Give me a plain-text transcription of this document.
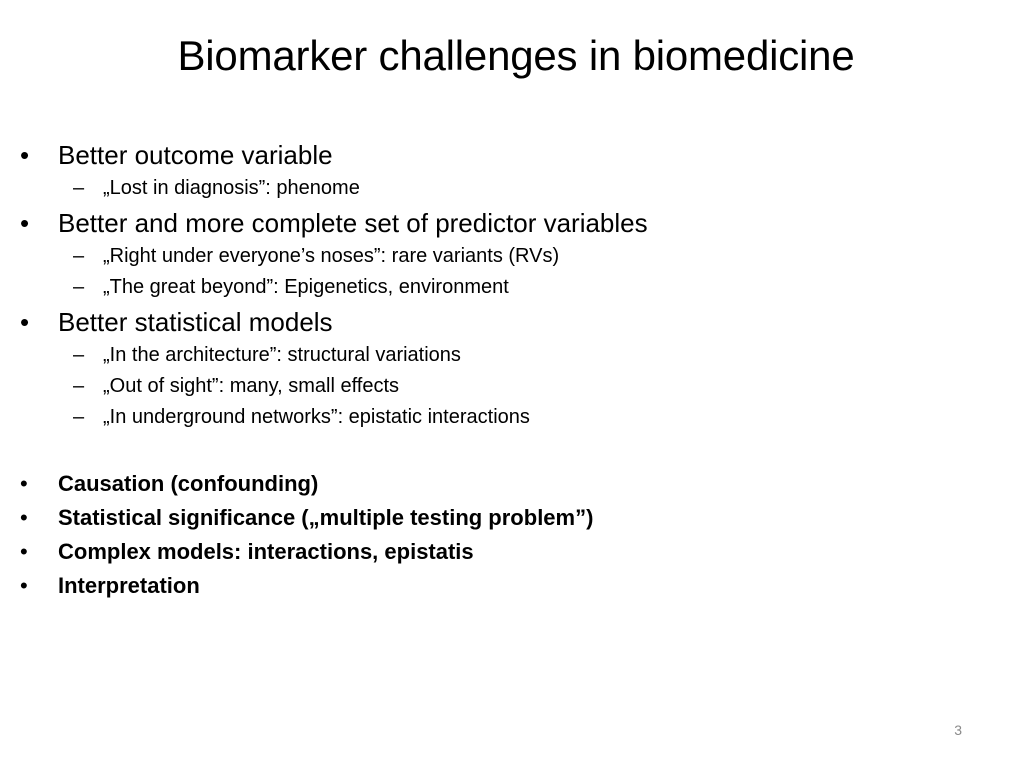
Biomarker challenges in biomedicine
• Better outcome variable
– „Lost in diagnosis”: phenome
• Better and more complete set of predictor variables
– „Right under everyone’s noses”: rare variants (RVs)
– „The great beyond”: Epigenetics, environment
• Better statistical models
– „In the architecture”: structural variations
– „Out of sight”: many, small effects
– „In underground networks”: epistatic interactions
• Causation (confounding)
• Statistical significance („multiple testing problem”)
• Complex models: interactions, epistatis
• Interpretation
3
